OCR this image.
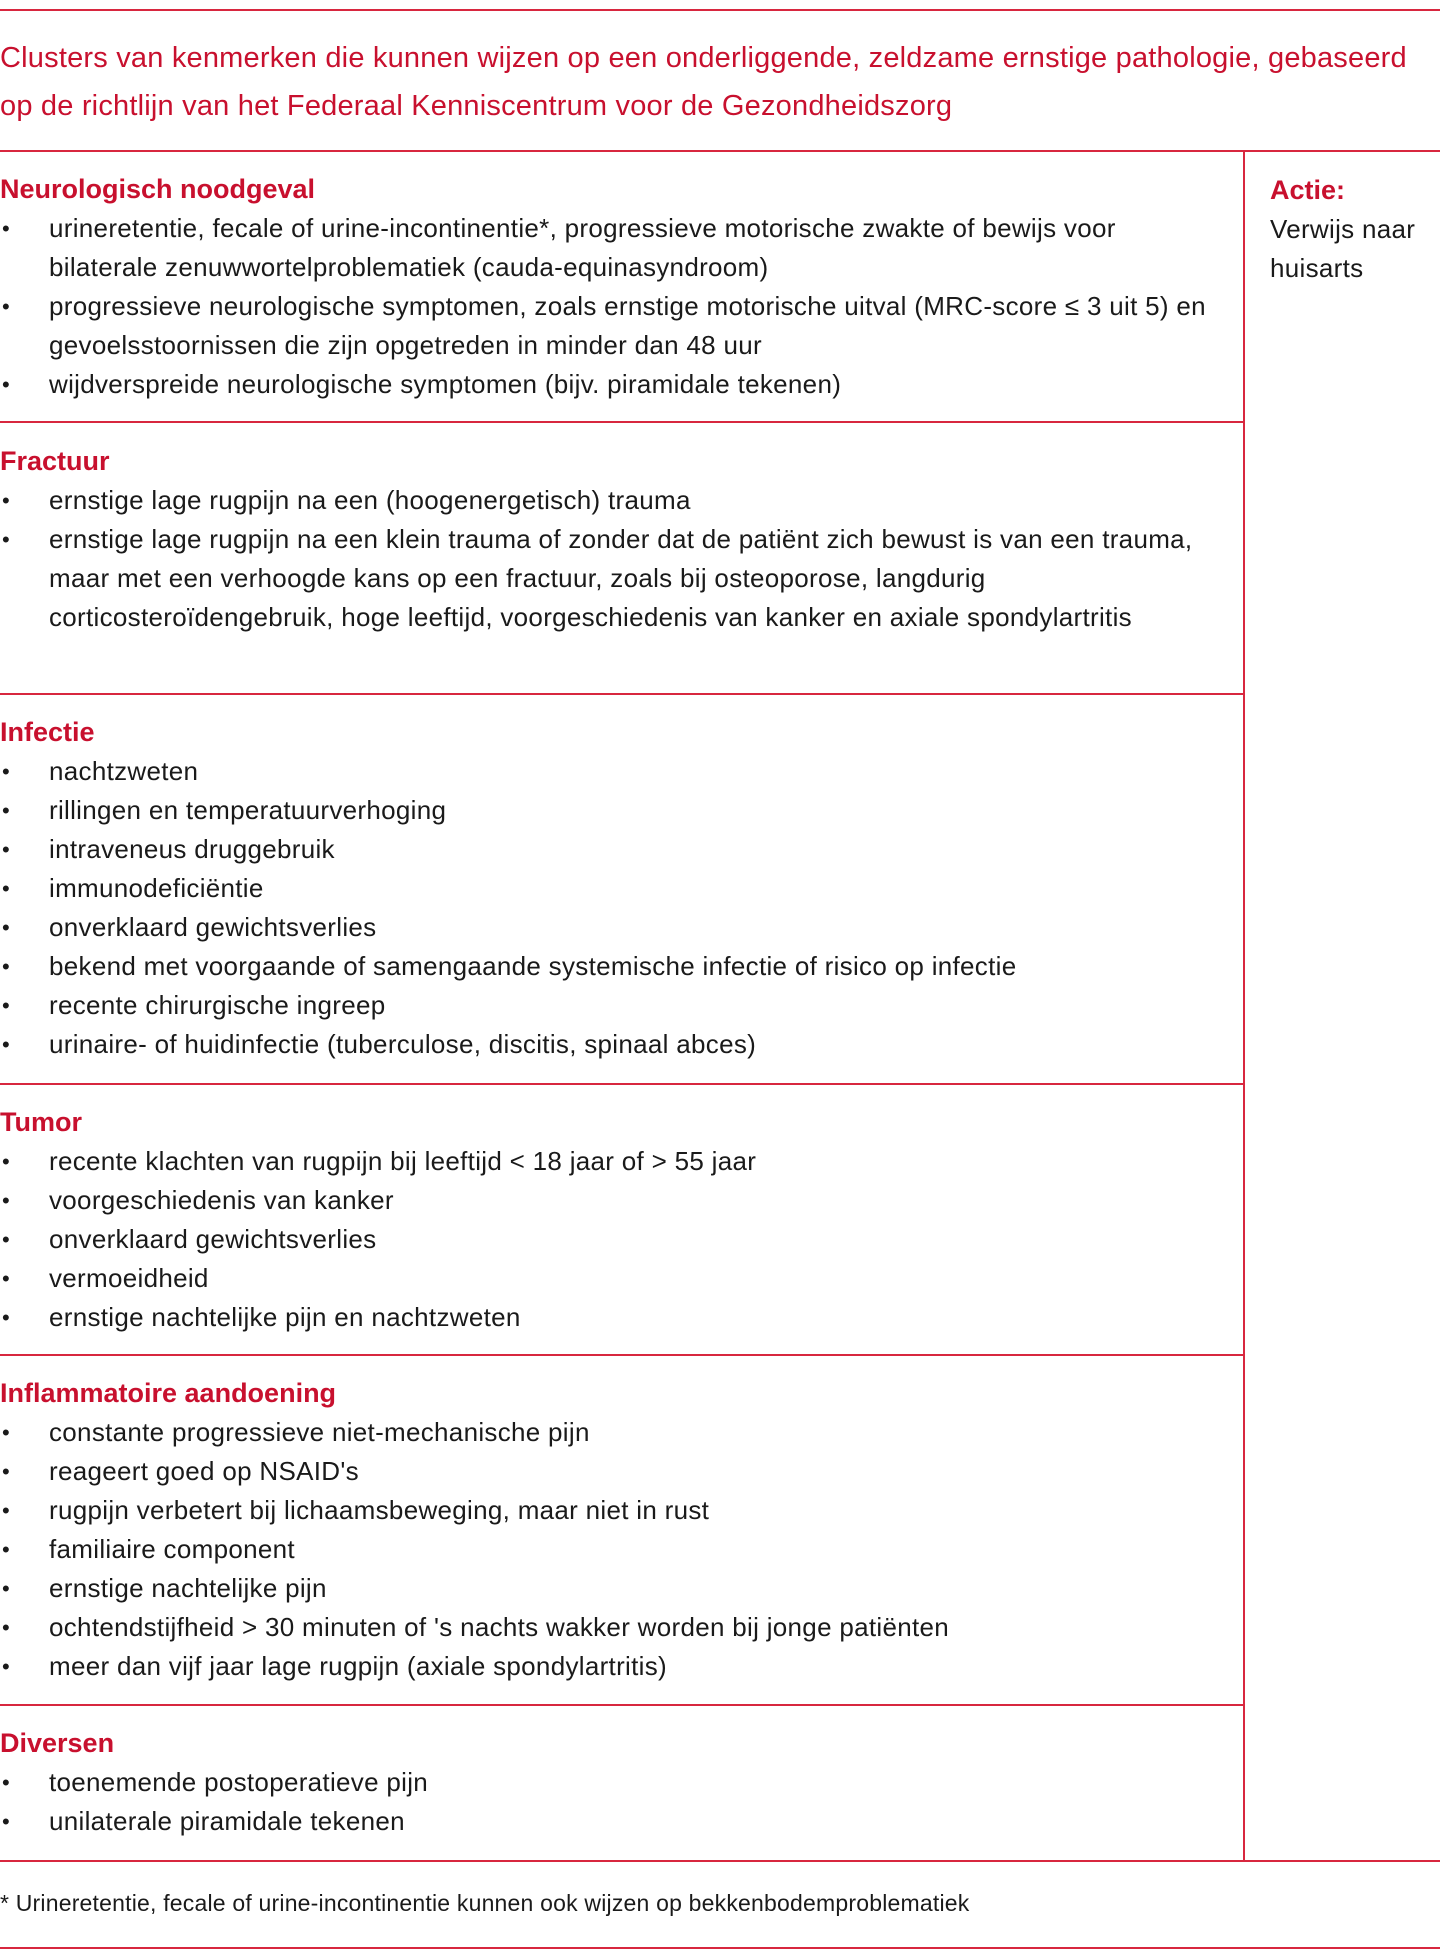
Clusters van kenmerken die kunnen wijzen op een onderliggende, zeldzame ernstige pathologie, gebaseerd op de richtlijn van het Federaal Kenniscentrum voor de Gezondheidszorg
Neurologisch noodgeval
•	urineretentie, fecale of urine-incontinentie*, progressieve motorische zwakte of bewijs voor bilaterale zenuwwortelproblematiek (cauda-equinasyndroom)
•	progressieve neurologische symptomen, zoals ernstige motorische uitval (MRC-score ≤ 3 uit 5) en gevoelsstoornissen die zijn opgetreden in minder dan 48 uur
•	wijdverspreide neurologische symptomen (bijv. piramidale tekenen)
Fractuur
•	ernstige lage rugpijn na een (hoogenergetisch) trauma
•	ernstige lage rugpijn na een klein trauma of zonder dat de patiënt zich bewust is van een trauma, maar met een verhoogde kans op een fractuur, zoals bij osteoporose, langdurig corticosteroïdengebruik, hoge leeftijd, voorgeschiedenis van kanker en axiale spondylartritis
Infectie
•	nachtzweten
•	rillingen en temperatuurverhoging
•	intraveneus druggebruik
•	immunodeficiëntie
•	onverklaard gewichtsverlies
•	bekend met voorgaande of samengaande systemische infectie of risico op infectie
•	recente chirurgische ingreep
•	urinaire- of huidinfectie (tuberculose, discitis, spinaal abces)
Tumor
•	recente klachten van rugpijn bij leeftijd < 18 jaar of > 55 jaar
•	voorgeschiedenis van kanker
•	onverklaard gewichtsverlies
•	vermoeidheid
•	ernstige nachtelijke pijn en nachtzweten
Inflammatoire aandoening
•	constante progressieve niet-mechanische pijn
•	reageert goed op NSAID's
•	rugpijn verbetert bij lichaamsbeweging, maar niet in rust
•	familiaire component
•	ernstige nachtelijke pijn
•	ochtendstijfheid > 30 minuten of 's nachts wakker worden bij jonge patiënten
•	meer dan vijf jaar lage rugpijn (axiale spondylartritis)
Diversen
•	toenemende postoperatieve pijn
•	unilaterale piramidale tekenen
Actie:
Verwijs naar huisarts
* Urineretentie, fecale of urine-incontinentie kunnen ook wijzen op bekkenbodemproblematiek
